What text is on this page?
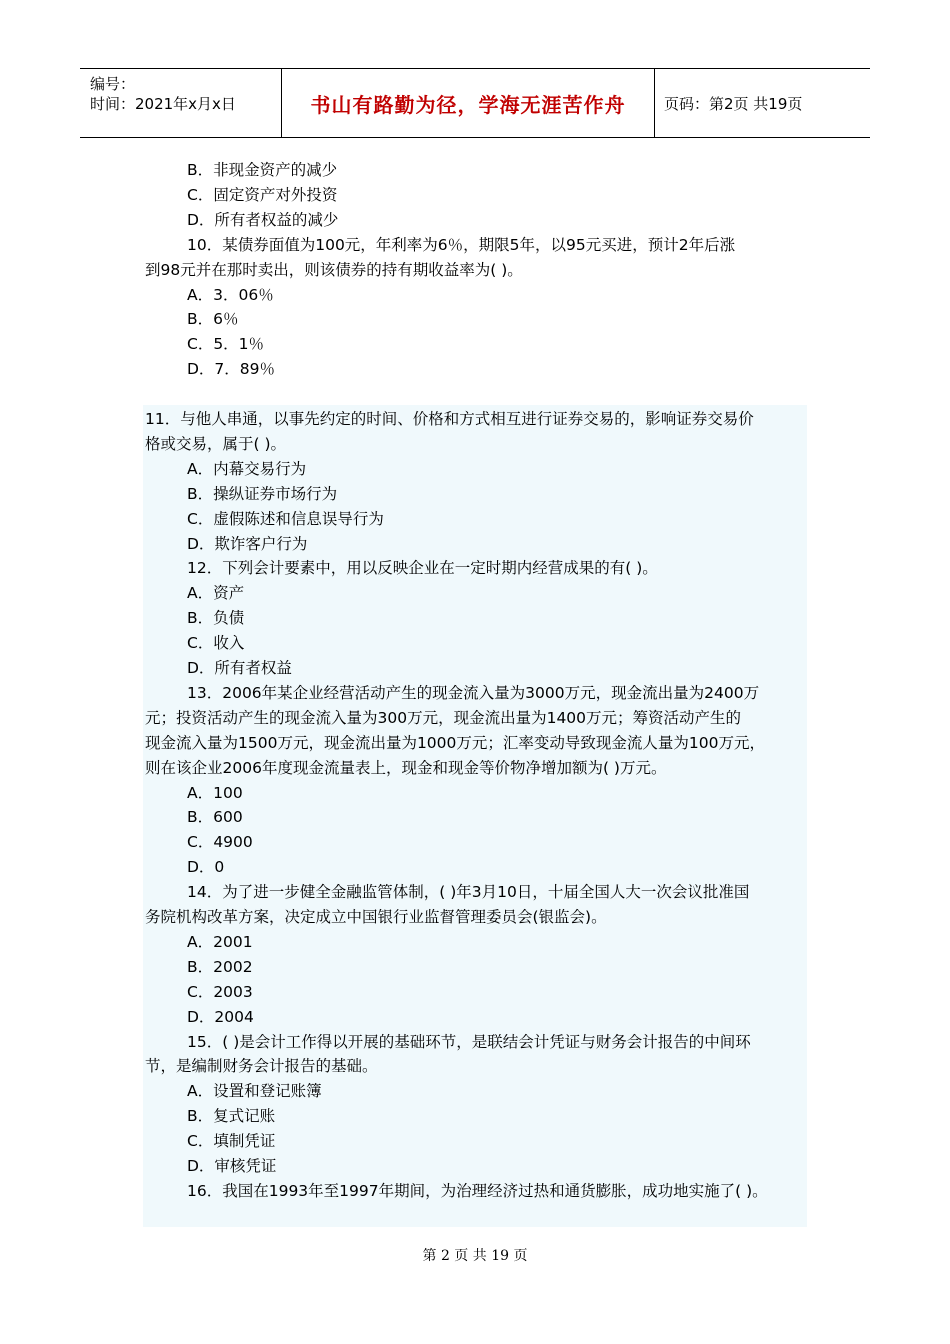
编号：
时间：2021年x月x日	书山有路勤为径，学海无涯苦作舟	页码：第2页 共19页
B．非现金资产的减少
C．固定资产对外投资
D．所有者权益的减少
10．某债券面值为100元，年利率为6％，期限5年，以95元买进，预计2年后涨
到98元并在那时卖出，则该债券的持有期收益率为( )。
A．3．06％
B．6％
C．5．1％
D．7．89％
11．与他人串通，以事先约定的时间、价格和方式相互进行证券交易的，影响证券交易价
格或交易，属于( )。
A．内幕交易行为
B．操纵证券市场行为
C．虚假陈述和信息误导行为
D．欺诈客户行为
12．下列会计要素中，用以反映企业在一定时期内经营成果的有( )。
A．资产
B．负债
C．收入
D．所有者权益
13．2006年某企业经营活动产生的现金流入量为3000万元，现金流出量为2400万
元；投资活动产生的现金流入量为300万元，现金流出量为1400万元；筹资活动产生的
现金流入量为1500万元，现金流出量为1000万元；汇率变动导致现金流人量为100万元，
则在该企业2006年度现金流量表上，现金和现金等价物净增加额为( )万元。
A．100
B．600
C．4900
D．0
14．为了进一步健全金融监管体制，( )年3月10日，十届全国人大一次会议批准国
务院机构改革方案，决定成立中国银行业监督管理委员会(银监会)。
A．2001
B．2002
C．2003
D．2004
15．( )是会计工作得以开展的基础环节，是联结会计凭证与财务会计报告的中间环
节，是编制财务会计报告的基础。
A．设置和登记账簿
B．复式记账
C．填制凭证
D．审核凭证
16．我国在1993年至1997年期间，为治理经济过热和通货膨胀，成功地实施了( )。
第 2 页 共 19 页
